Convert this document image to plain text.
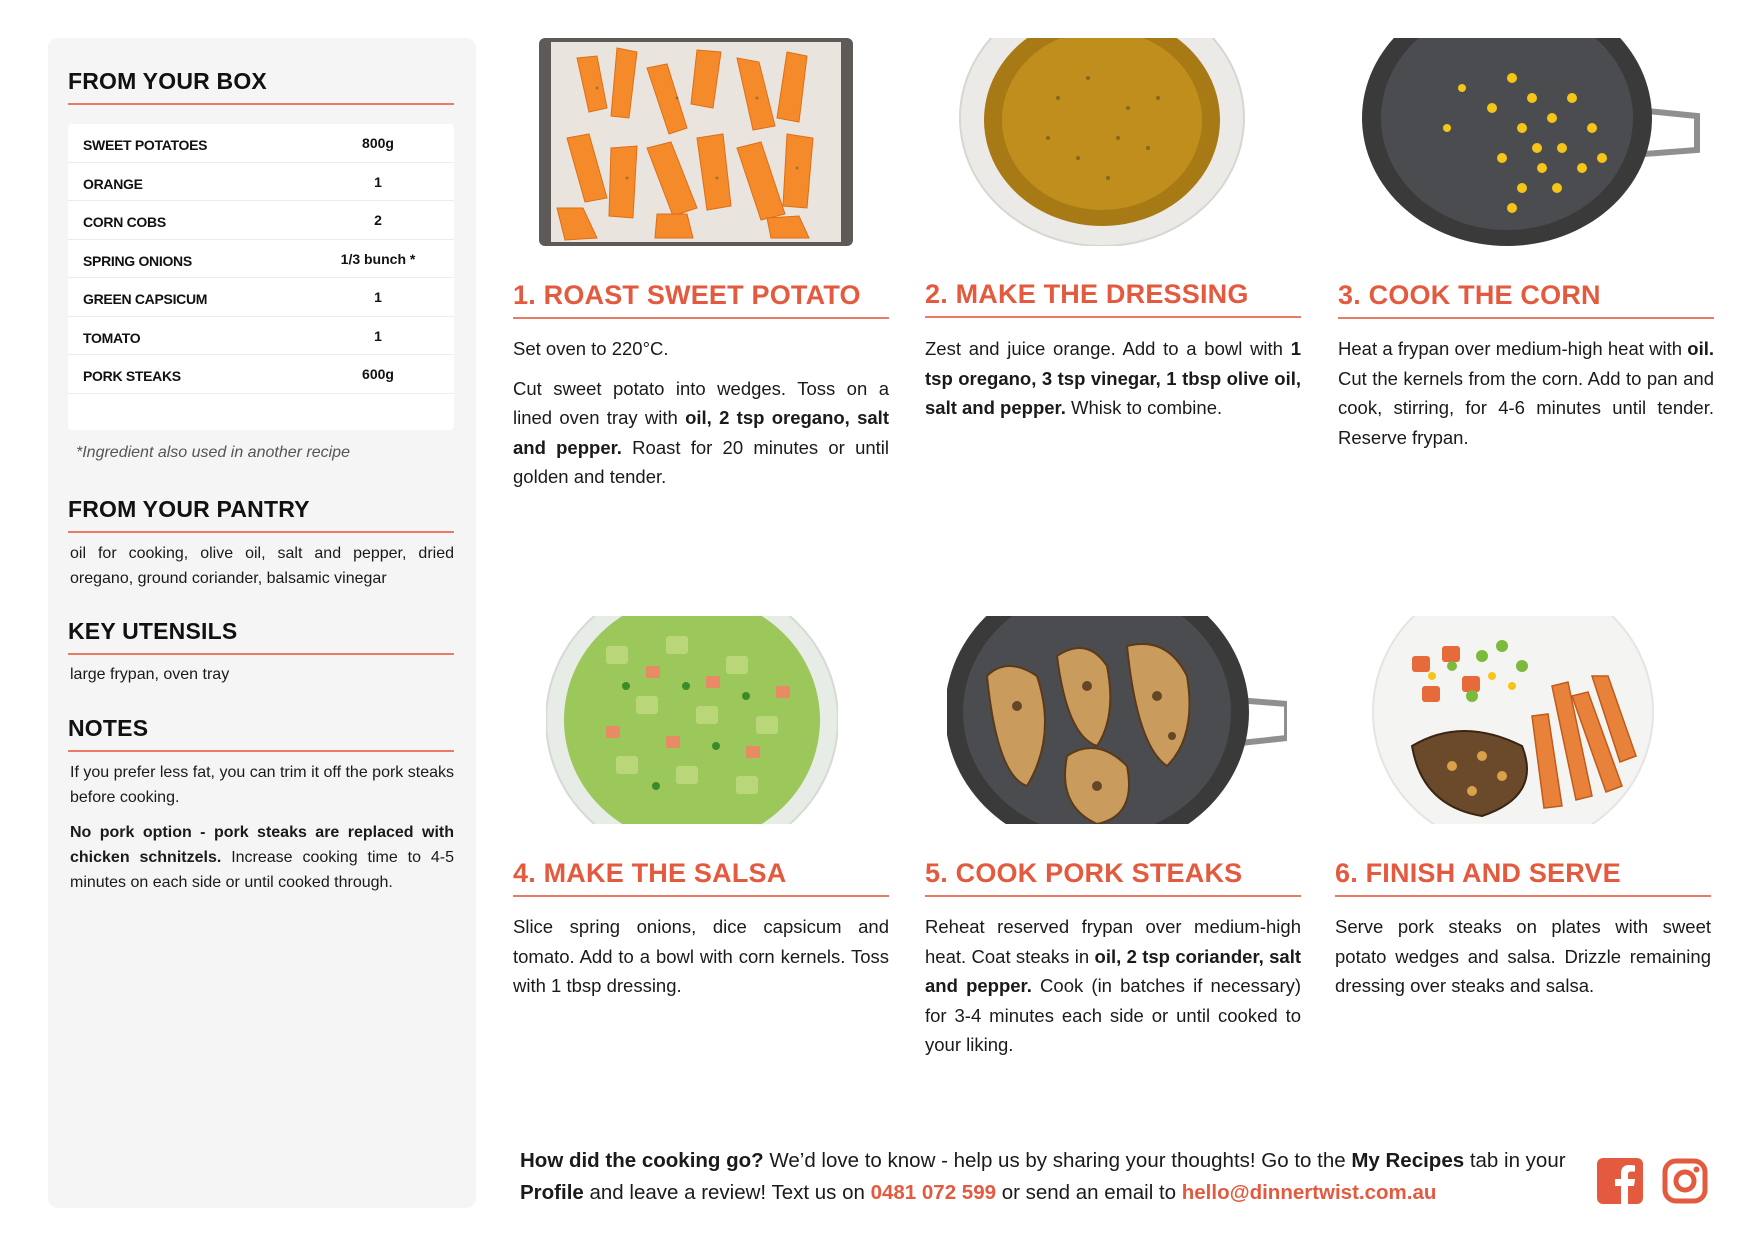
FROM YOUR BOX
SWEET POTATOES	800g
ORANGE	1
CORN COBS	2
SPRING ONIONS	1/3 bunch *
GREEN CAPSICUM	1
TOMATO	1
PORK STEAKS	600g
*Ingredient also used in another recipe
FROM YOUR PANTRY
oil for cooking, olive oil, salt and pepper, dried oregano, ground coriander, balsamic vinegar
KEY UTENSILS
large frypan, oven tray
NOTES
If you prefer less fat, you can trim it off the pork steaks before cooking.
No pork option - pork steaks are replaced with chicken schnitzels. Increase cooking time to 4-5 minutes on each side or until cooked through.
1. ROAST SWEET POTATO

Set oven to 220°C.

Cut sweet potato into wedges. Toss on a lined oven tray with oil, 2 tsp oregano, salt and pepper. Roast for 20 minutes or until golden and tender.

2. MAKE THE DRESSING

Zest and juice orange. Add to a bowl with 1 tsp oregano, 3 tsp vinegar, 1 tbsp olive oil, salt and pepper. Whisk to combine.

3. COOK THE CORN

Heat a frypan over medium-high heat with oil. Cut the kernels from the corn. Add to pan and cook, stirring, for 4-6 minutes until tender. Reserve frypan.

4. MAKE THE SALSA

Slice spring onions, dice capsicum and tomato. Add to a bowl with corn kernels. Toss with 1 tbsp dressing.

5. COOK PORK STEAKS

Reheat reserved frypan over medium-high heat. Coat steaks in oil, 2 tsp coriander, salt and pepper. Cook (in batches if necessary) for 3-4 minutes each side or until cooked to your liking.

6. FINISH AND SERVE

Serve pork steaks on plates with sweet potato wedges and salsa. Drizzle remaining dressing over steaks and salsa.

How did the cooking go? We’d love to know - help us by sharing your thoughts! Go to the My Recipes tab in your Profile and leave a review! Text us on 0481 072 599 or send an email to hello@dinnertwist.com.au
